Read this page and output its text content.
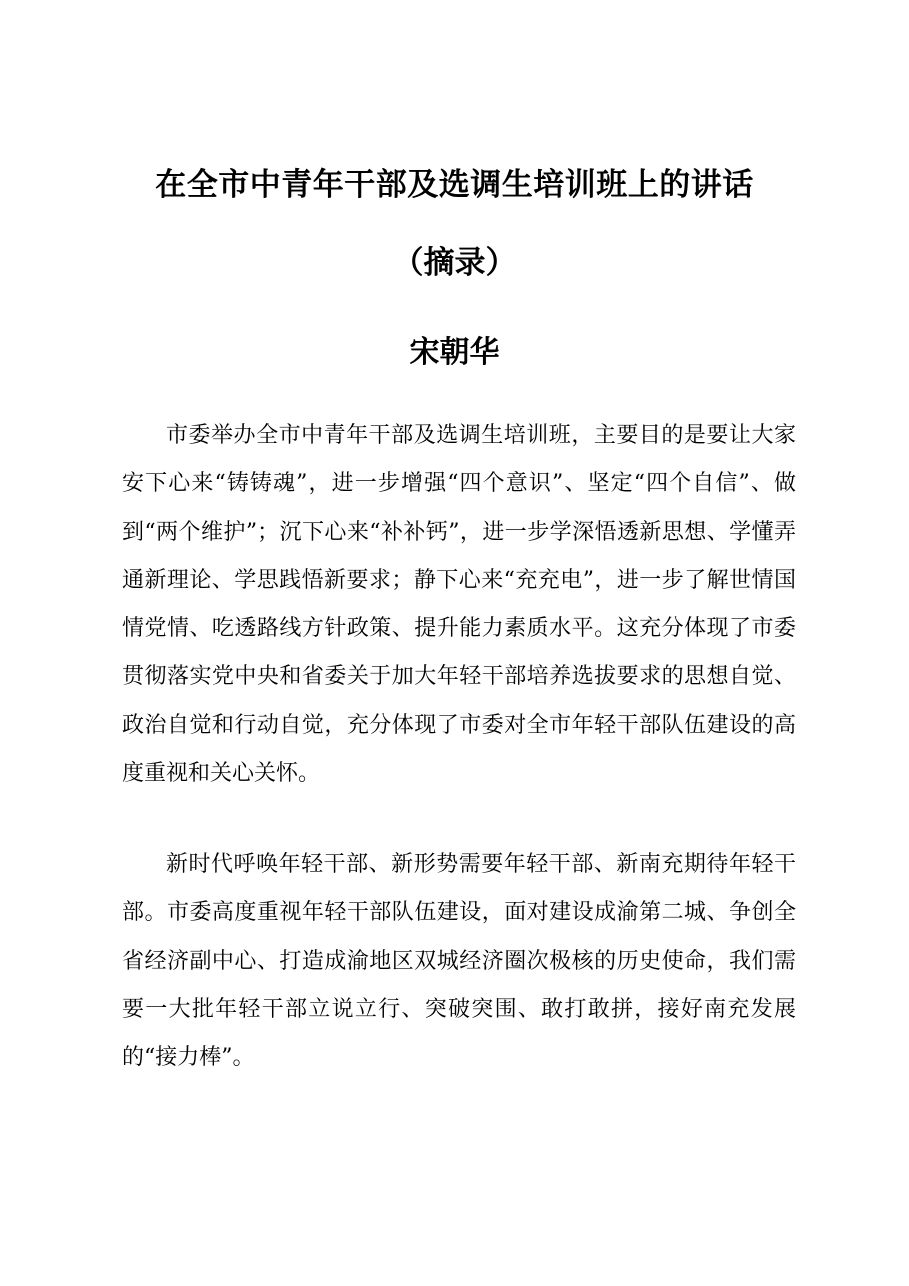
在全市中青年干部及选调生培训班上的讲话
（摘录）
宋朝华

市委举办全市中青年干部及选调生培训班，主要目的是要让大家安下心来“铸铸魂”，进一步增强“四个意识”、坚定“四个自信”、做到“两个维护”；沉下心来“补补钙”，进一步学深悟透新思想、学懂弄通新理论、学思践悟新要求；静下心来“充充电”，进一步了解世情国情党情、吃透路线方针政策、提升能力素质水平。这充分体现了市委贯彻落实党中央和省委关于加大年轻干部培养选拔要求的思想自觉、政治自觉和行动自觉，充分体现了市委对全市年轻干部队伍建设的高度重视和关心关怀。

新时代呼唤年轻干部、新形势需要年轻干部、新南充期待年轻干部。市委高度重视年轻干部队伍建设，面对建设成渝第二城、争创全省经济副中心、打造成渝地区双城经济圈次极核的历史使命，我们需要一大批年轻干部立说立行、突破突围、敢打敢拼，接好南充发展的“接力棒”。
